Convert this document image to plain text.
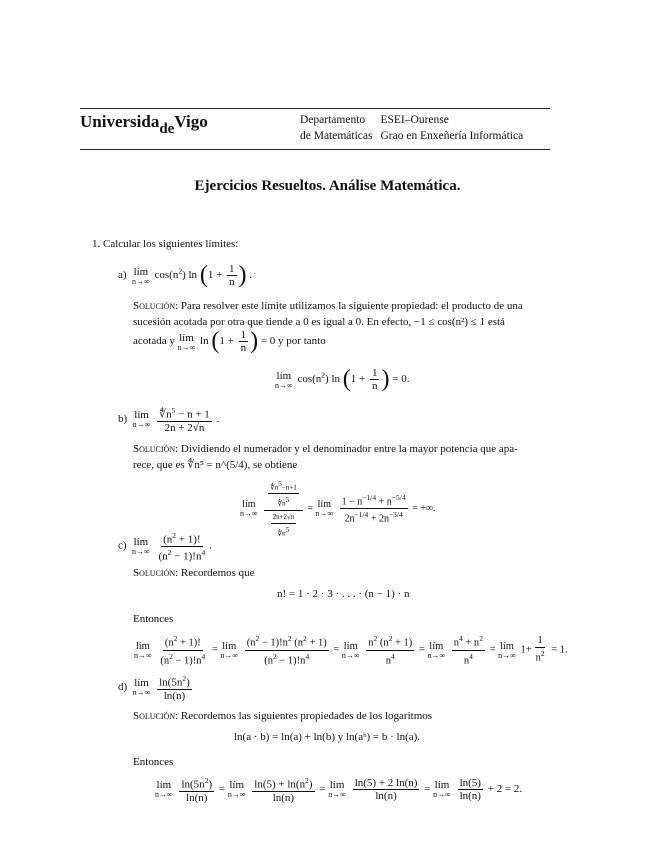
UniversidadeVigo	Departamento	ESEI–Ourense
de Matemáticas	Grao en Enxeñería Informática
Ejercicios Resueltos. Análise Matemática.
1. Calcular los siguientes límites:
a) lím
n→∞ $\cos(n^2)$ $\ln (1 + \frac{1}{n}$ ) .
Solución: Para resolver este límite utilizamos la siguiente propiedad: el producto de una
sucesión acotada por otra que tiende a 0 es igual a 0. En efecto, −1 ≤ cos(n²) ≤ 1 está
acotada y lím
n→∞ $\ln (1 + \frac{1}{n}$ ) = 0 y por tanto
lím
n→∞ $\cos(n^2)$ $\ln (1 + \frac{1}{n}$ ) = 0.
b) lím
n→∞
$\frac{∜n^5 - n + 1}{2n + 2√n}$ .
Solución: Dividiendo el numerador y el denominador entre la mayor potencia que apa-
rece, que es ∜n⁵ = n^(5/4), se obtiene
lím
n→∞
$\frac{\frac{∜n^5-n+1}{∜n^5}}{\frac{2n+2√n}{∜n^5}}$ = lím
n→∞
$\frac{1 - n^{-1/4} + n^{-5/4}}{2n^{-1/4} + 2n^{-3/4}}$ = +∞.
c) lím
n→∞
$\frac{(n^2 + 1)!}{(n^2 - 1)!n^4}$ .
Solución: Recordemos que
n! = 1 · 2 · 3 · . . . · (n − 1) · n
Entonces
lím
n→∞
$\frac{(n^2 + 1)!}{(n^2 - 1)!n^4}$ = lím
n→∞
$\frac{(n^2 - 1)!n^2 (n^2 + 1)}{(n^2 - 1)!n^4}$ = lím
n→∞
$\frac{n^2 (n^2 + 1)}{n^4}$ = lím
n→∞
$\frac{n^4 + n^2}{n^4}$ = lím
n→∞ $1+ \frac{1}{n^2} = 1$.
d) lím
n→∞
$\frac{\ln(5n^2)}{\ln(n)}$
Solución: Recordemos las siguientes propiedades de los logaritmos
ln(a · b) = ln(a) + ln(b) y ln(aᵇ) = b · ln(a).
Entonces
lím
n→∞
$\frac{\ln(5n^2)}{\ln(n)}$ = lím
n→∞
$\frac{\ln(5) + \ln(n^2)}{\ln(n)}$ = lím
n→∞
$\frac{\ln(5) + 2 \ln(n)}{\ln(n)}$ = lím
n→∞
$\frac{\ln(5)}{\ln(n)} + 2 = 2$.
